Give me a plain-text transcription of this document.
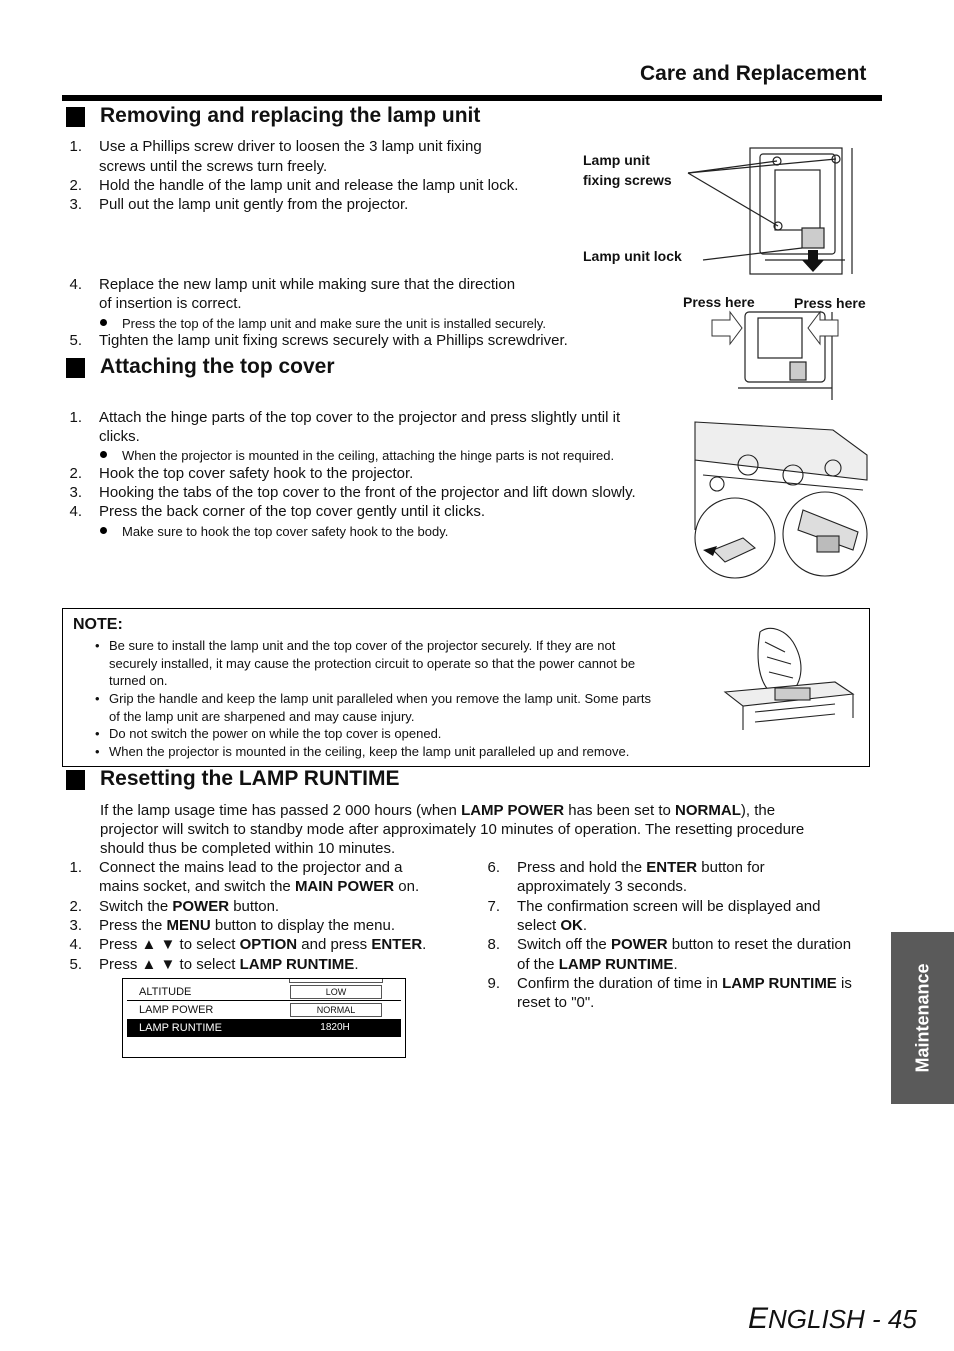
Care and Replacement
Removing and replacing the lamp unit
1. Use a Phillips screw driver to loosen the 3 lamp unit fixing
screws until the screws turn freely.
2. Hold the handle of the lamp unit and release the lamp unit lock.
3. Pull out the lamp unit gently from the projector.
4. Replace the new lamp unit while making sure that the direction
of insertion is correct.
Press the top of the lamp unit and make sure the unit is installed securely.
5. Tighten the lamp unit fixing screws securely with a Phillips screwdriver.
Lamp unit
fixing screws
Lamp unit lock
Press here	Press here
Attaching the top cover
1. Attach the hinge parts of the top cover to the projector and press slightly until it
clicks.
When the projector is mounted in the ceiling, attaching the hinge parts is not required.
2. Hook the top cover safety hook to the projector.
3. Hooking the tabs of the top cover to the front of the projector and lift down slowly.
4. Press the back corner of the top cover gently until it clicks.
Make sure to hook the top cover safety hook to the body.
NOTE:
• Be sure to install the lamp unit and the top cover of the projector securely. If they are not
securely installed, it may cause the protection circuit to operate so that the power cannot be
turned on.
• Grip the handle and keep the lamp unit paralleled when you remove the lamp unit. Some parts
of the lamp unit are sharpened and may cause injury.
• Do not switch the power on while the top cover is opened.
• When the projector is mounted in the ceiling, keep the lamp unit paralleled up and remove.
Resetting the LAMP RUNTIME
If the lamp usage time has passed 2 000 hours (when LAMP POWER has been set to NORMAL), the
projector will switch to standby mode after approximately 10 minutes of operation. The resetting procedure
should thus be completed within 10 minutes.
1. Connect the mains lead to the projector and a
mains socket, and switch the MAIN POWER on.
2. Switch the POWER button.
3. Press the MENU button to display the menu.
4. Press ▲ ▼ to select OPTION and press ENTER.
5. Press ▲ ▼ to select LAMP RUNTIME.
ALTITUDE	LOW
LAMP POWER	NORMAL
LAMP RUNTIME	1820H
6. Press and hold the ENTER button for
approximately 3 seconds.
7. The confirmation screen will be displayed and
select OK.
8. Switch off the POWER button to reset the duration
of the LAMP RUNTIME.
9. Confirm the duration of time in LAMP RUNTIME is
reset to "0".	Maintenance
ENGLISH - 45
